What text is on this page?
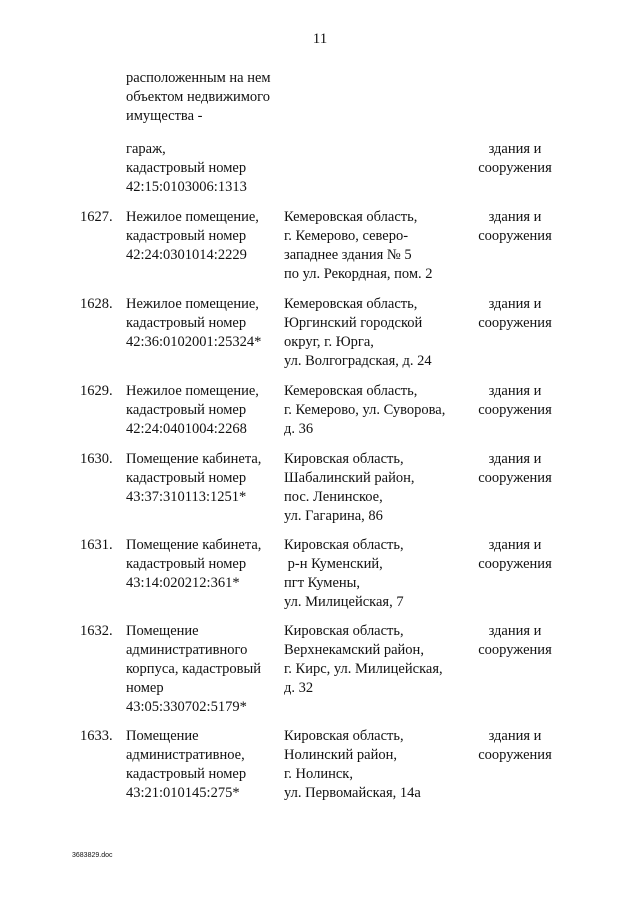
11
расположенным на нем
объектом недвижимого
имущества -
гараж,
кадастровый номер
42:15:0103006:1313
здания и
сооружения
1627. Нежилое помещение,
кадастровый номер
42:24:0301014:2229
Кемеровская область,
г. Кемерово, северо-
западнее здания № 5
по ул. Рекордная, пом. 2
здания и
сооружения
1628. Нежилое помещение,
кадастровый номер
42:36:0102001:25324*
Кемеровская область,
Юргинский городской
округ, г. Юрга,
ул. Волгоградская, д. 24
здания и
сооружения
1629. Нежилое помещение,
кадастровый номер
42:24:0401004:2268
Кемеровская область,
г. Кемерово, ул. Суворова,
д. 36
здания и
сооружения
1630. Помещение кабинета,
кадастровый номер
43:37:310113:1251*
Кировская область,
Шабалинский район,
пос. Ленинское,
ул. Гагарина, 86
здания и
сооружения
1631. Помещение кабинета,
кадастровый номер
43:14:020212:361*
Кировская область,
р-н Куменский,
пгт Кумены,
ул. Милицейская, 7
здания и
сооружения
1632. Помещение
административного
корпуса, кадастровый
номер
43:05:330702:5179*
Кировская область,
Верхнекамский район,
г. Кирс, ул. Милицейская,
д. 32
здания и
сооружения
1633. Помещение
административное,
кадастровый номер
43:21:010145:275*
Кировская область,
Нолинский район,
г. Нолинск,
ул. Первомайская, 14а
здания и
сооружения
3683829.doc
